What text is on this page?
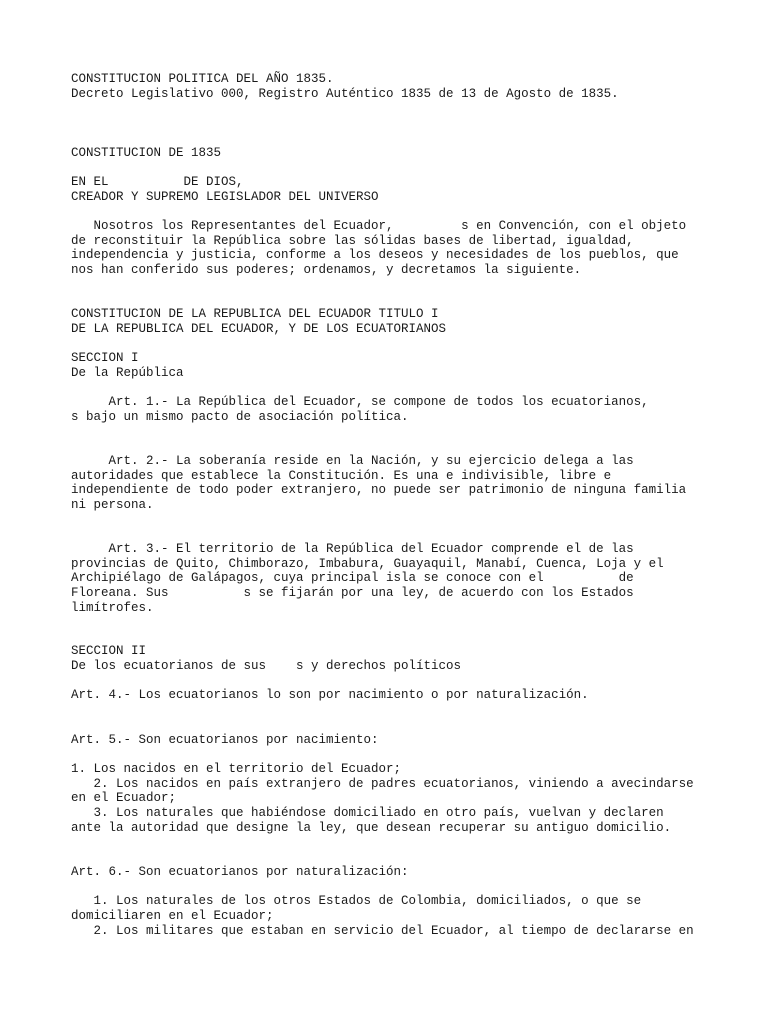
CONSTITUCION POLITICA DEL AÑO 1835.

Decreto Legislativo 000, Registro Auténtico 1835 de 13 de Agosto de 1835.

CONSTITUCION DE 1835

EN EL          DE DIOS,

CREADOR Y SUPREMO LEGISLADOR DEL UNIVERSO

Nosotros los Representantes del Ecuador,         s en Convención, con el objeto

de reconstituir la República sobre las sólidas bases de libertad, igualdad,

independencia y justicia, conforme a los deseos y necesidades de los pueblos, que

nos han conferido sus poderes; ordenamos, y decretamos la siguiente.

CONSTITUCION DE LA REPUBLICA DEL ECUADOR TITULO I

DE LA REPUBLICA DEL ECUADOR, Y DE LOS ECUATORIANOS

SECCION I

De la República

Art. 1.- La República del Ecuador, se compone de todos los ecuatorianos,

s bajo un mismo pacto de asociación política.

Art. 2.- La soberanía reside en la Nación, y su ejercicio delega a las

autoridades que establece la Constitución. Es una e indivisible, libre e

independiente de todo poder extranjero, no puede ser patrimonio de ninguna familia

ni persona.

Art. 3.- El territorio de la República del Ecuador comprende el de las

provincias de Quito, Chimborazo, Imbabura, Guayaquil, Manabí, Cuenca, Loja y el

Archipiélago de Galápagos, cuya principal isla se conoce con el          de

Floreana. Sus          s se fijarán por una ley, de acuerdo con los Estados

limítrofes.

SECCION II

De los ecuatorianos de sus    s y derechos políticos

Art. 4.- Los ecuatorianos lo son por nacimiento o por naturalización.

Art. 5.- Son ecuatorianos por nacimiento:

1. Los nacidos en el territorio del Ecuador;

2. Los nacidos en país extranjero de padres ecuatorianos, viniendo a avecindarse

en el Ecuador;

3. Los naturales que habiéndose domiciliado en otro país, vuelvan y declaren

ante la autoridad que designe la ley, que desean recuperar su antiguo domicilio.

Art. 6.- Son ecuatorianos por naturalización:

1. Los naturales de los otros Estados de Colombia, domiciliados, o que se

domiciliaren en el Ecuador;

2. Los militares que estaban en servicio del Ecuador, al tiempo de declararse en
